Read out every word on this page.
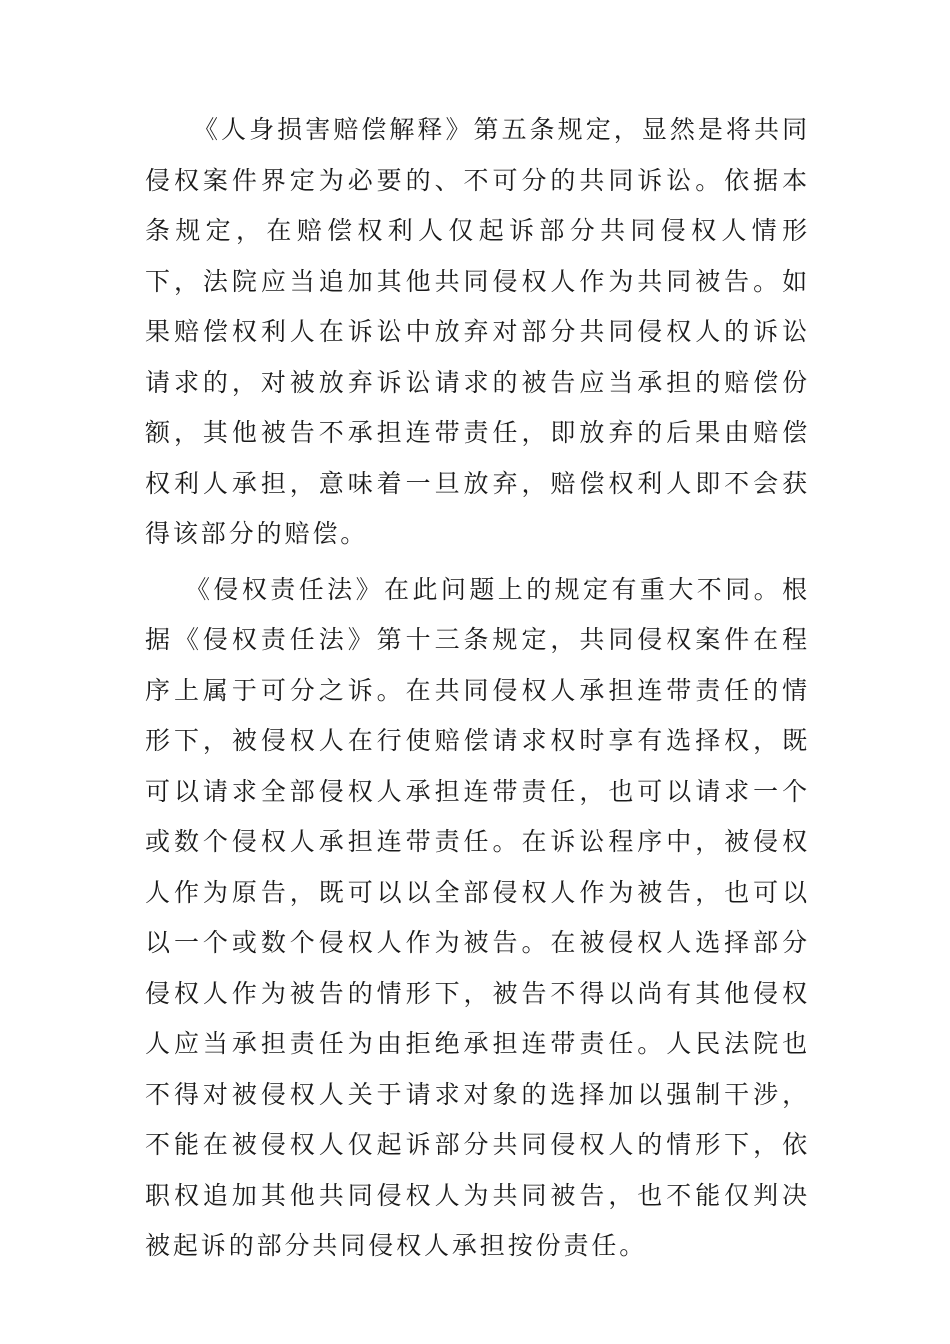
《人身损害赔偿解释》第五条规定，显然是将共同侵权案件界定为必要的、不可分的共同诉讼。依据本条规定，在赔偿权利人仅起诉部分共同侵权人情形下，法院应当追加其他共同侵权人作为共同被告。如果赔偿权利人在诉讼中放弃对部分共同侵权人的诉讼请求的，对被放弃诉讼请求的被告应当承担的赔偿份额，其他被告不承担连带责任，即放弃的后果由赔偿权利人承担，意味着一旦放弃，赔偿权利人即不会获得该部分的赔偿。

《侵权责任法》在此问题上的规定有重大不同。根据《侵权责任法》第十三条规定，共同侵权案件在程序上属于可分之诉。在共同侵权人承担连带责任的情形下，被侵权人在行使赔偿请求权时享有选择权，既可以请求全部侵权人承担连带责任，也可以请求一个或数个侵权人承担连带责任。在诉讼程序中，被侵权人作为原告，既可以以全部侵权人作为被告，也可以以一个或数个侵权人作为被告。在被侵权人选择部分侵权人作为被告的情形下，被告不得以尚有其他侵权人应当承担责任为由拒绝承担连带责任。人民法院也不得对被侵权人关于请求对象的选择加以强制干涉，不能在被侵权人仅起诉部分共同侵权人的情形下，依职权追加其他共同侵权人为共同被告，也不能仅判决被起诉的部分共同侵权人承担按份责任。
